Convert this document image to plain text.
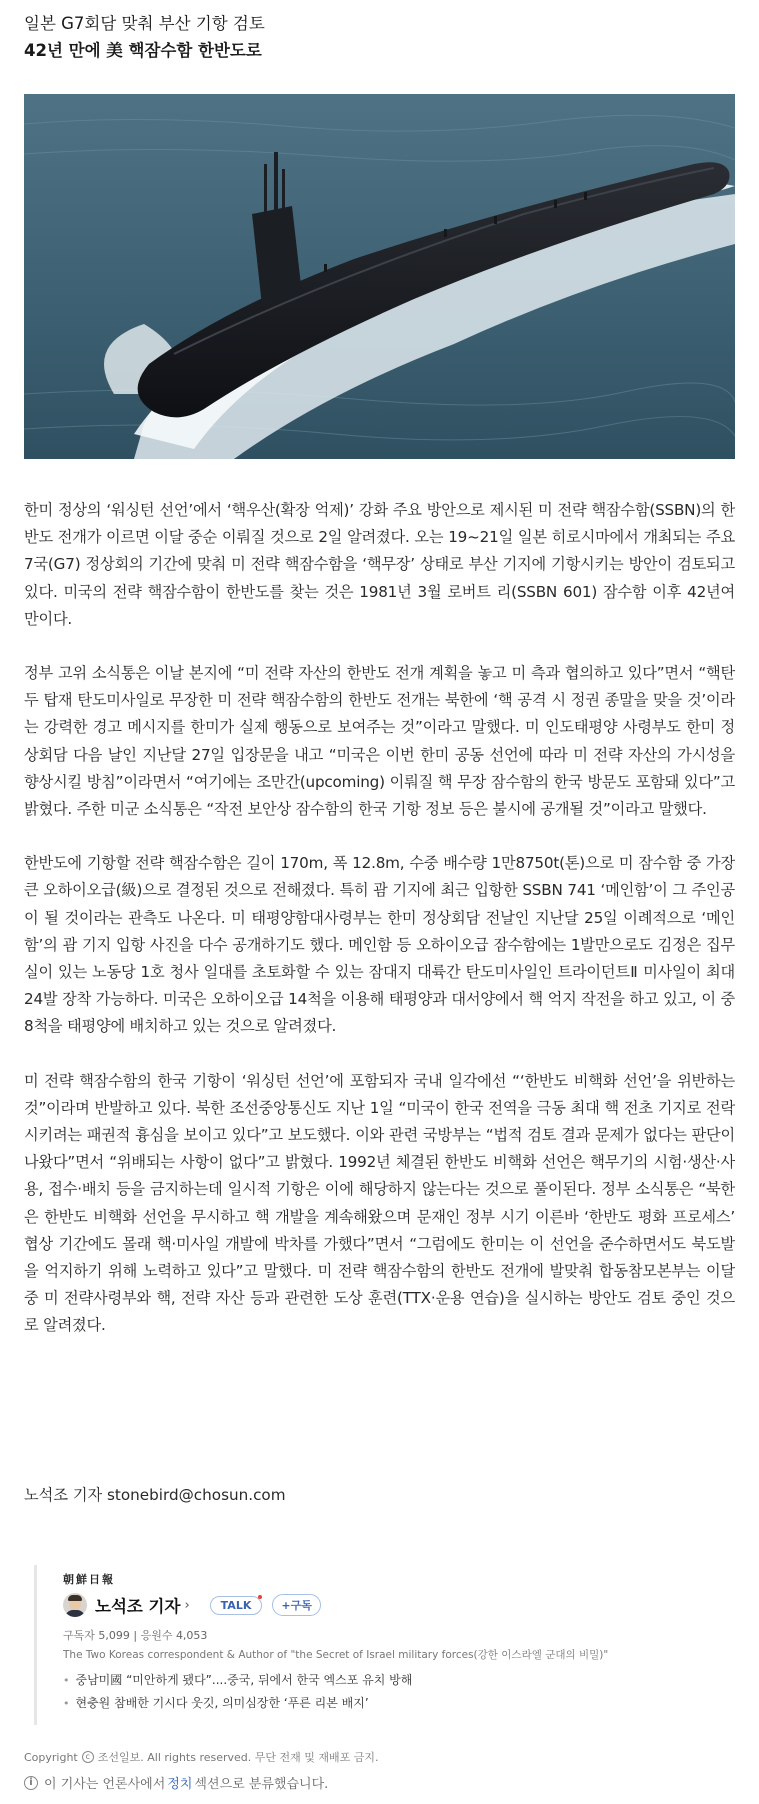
일본 G7회담 맞춰 부산 기항 검토
42년 만에 美 핵잠수함 한반도로

한미 정상의 ‘워싱턴 선언’에서 ‘핵우산(확장 억제)’ 강화 주요 방안으로 제시된 미 전략 핵잠수함(SSBN)의 한반도 전개가 이르면 이달 중순 이뤄질 것으로 2일 알려졌다. 오는 19~21일 일본 히로시마에서 개최되는 주요 7국(G7) 정상회의 기간에 맞춰 미 전략 핵잠수함을 ‘핵무장’ 상태로 부산 기지에 기항시키는 방안이 검토되고 있다. 미국의 전략 핵잠수함이 한반도를 찾는 것은 1981년 3월 로버트 리(SSBN 601) 잠수함 이후 42년여 만이다.

정부 고위 소식통은 이날 본지에 “미 전략 자산의 한반도 전개 계획을 놓고 미 측과 협의하고 있다”면서 “핵탄두 탑재 탄도미사일로 무장한 미 전략 핵잠수함의 한반도 전개는 북한에 ‘핵 공격 시 정권 종말을 맞을 것’이라는 강력한 경고 메시지를 한미가 실제 행동으로 보여주는 것”이라고 말했다. 미 인도태평양 사령부도 한미 정상회담 다음 날인 지난달 27일 입장문을 내고 “미국은 이번 한미 공동 선언에 따라 미 전략 자산의 가시성을 향상시킬 방침”이라면서 “여기에는 조만간(upcoming) 이뤄질 핵 무장 잠수함의 한국 방문도 포함돼 있다”고 밝혔다. 주한 미군 소식통은 “작전 보안상 잠수함의 한국 기항 정보 등은 불시에 공개될 것”이라고 말했다.

한반도에 기항할 전략 핵잠수함은 길이 170m, 폭 12.8m, 수중 배수량 1만8750t(톤)으로 미 잠수함 중 가장 큰 오하이오급(級)으로 결정된 것으로 전해졌다. 특히 괌 기지에 최근 입항한 SSBN 741 ‘메인함’이 그 주인공이 될 것이라는 관측도 나온다. 미 태평양함대사령부는 한미 정상회담 전날인 지난달 25일 이례적으로 ‘메인함’의 괌 기지 입항 사진을 다수 공개하기도 했다. 메인함 등 오하이오급 잠수함에는 1발만으로도 김정은 집무실이 있는 노동당 1호 청사 일대를 초토화할 수 있는 잠대지 대륙간 탄도미사일인 트라이던트Ⅱ 미사일이 최대 24발 장착 가능하다. 미국은 오하이오급 14척을 이용해 태평양과 대서양에서 핵 억지 작전을 하고 있고, 이 중 8척을 태평양에 배치하고 있는 것으로 알려졌다.

미 전략 핵잠수함의 한국 기항이 ‘워싱턴 선언’에 포함되자 국내 일각에선 “‘한반도 비핵화 선언’을 위반하는 것”이라며 반발하고 있다. 북한 조선중앙통신도 지난 1일 “미국이 한국 전역을 극동 최대 핵 전초 기지로 전락시키려는 패권적 흉심을 보이고 있다”고 보도했다. 이와 관련 국방부는 “법적 검토 결과 문제가 없다는 판단이 나왔다”면서 “위배되는 사항이 없다”고 밝혔다. 1992년 체결된 한반도 비핵화 선언은 핵무기의 시험·생산·사용, 접수·배치 등을 금지하는데 일시적 기항은 이에 해당하지 않는다는 것으로 풀이된다. 정부 소식통은 “북한은 한반도 비핵화 선언을 무시하고 핵 개발을 계속해왔으며 문재인 정부 시기 이른바 ‘한반도 평화 프로세스’ 협상 기간에도 몰래 핵·미사일 개발에 박차를 가했다”면서 “그럼에도 한미는 이 선언을 준수하면서도 북도발을 억지하기 위해 노력하고 있다”고 말했다. 미 전략 핵잠수함의 한반도 전개에 발맞춰 합동참모본부는 이달 중 미 전략사령부와 핵, 전략 자산 등과 관련한 도상 훈련(TTX·운용 연습)을 실시하는 방안도 검토 중인 것으로 알려졌다.

노석조 기자 stonebird@chosun.com
朝鮮日報
노석조 기자 ›	TALK	+구독
구독자 5,099 | 응원수 4,053
The Two Koreas correspondent & Author of "the Secret of Israel military forces(강한 이스라엘 군대의 비밀)"
• 중남미國 “미안하게 됐다”....중국, 뒤에서 한국 엑스포 유치 방해
• 현충원 참배한 기시다 웃깃, 의미심장한 ‘푸른 리본 배지’
Copyright c 조선일보. All rights reserved. 무단 전재 및 재배포 금지.
i 이 기사는 언론사에서 정치 섹션으로 분류했습니다.
